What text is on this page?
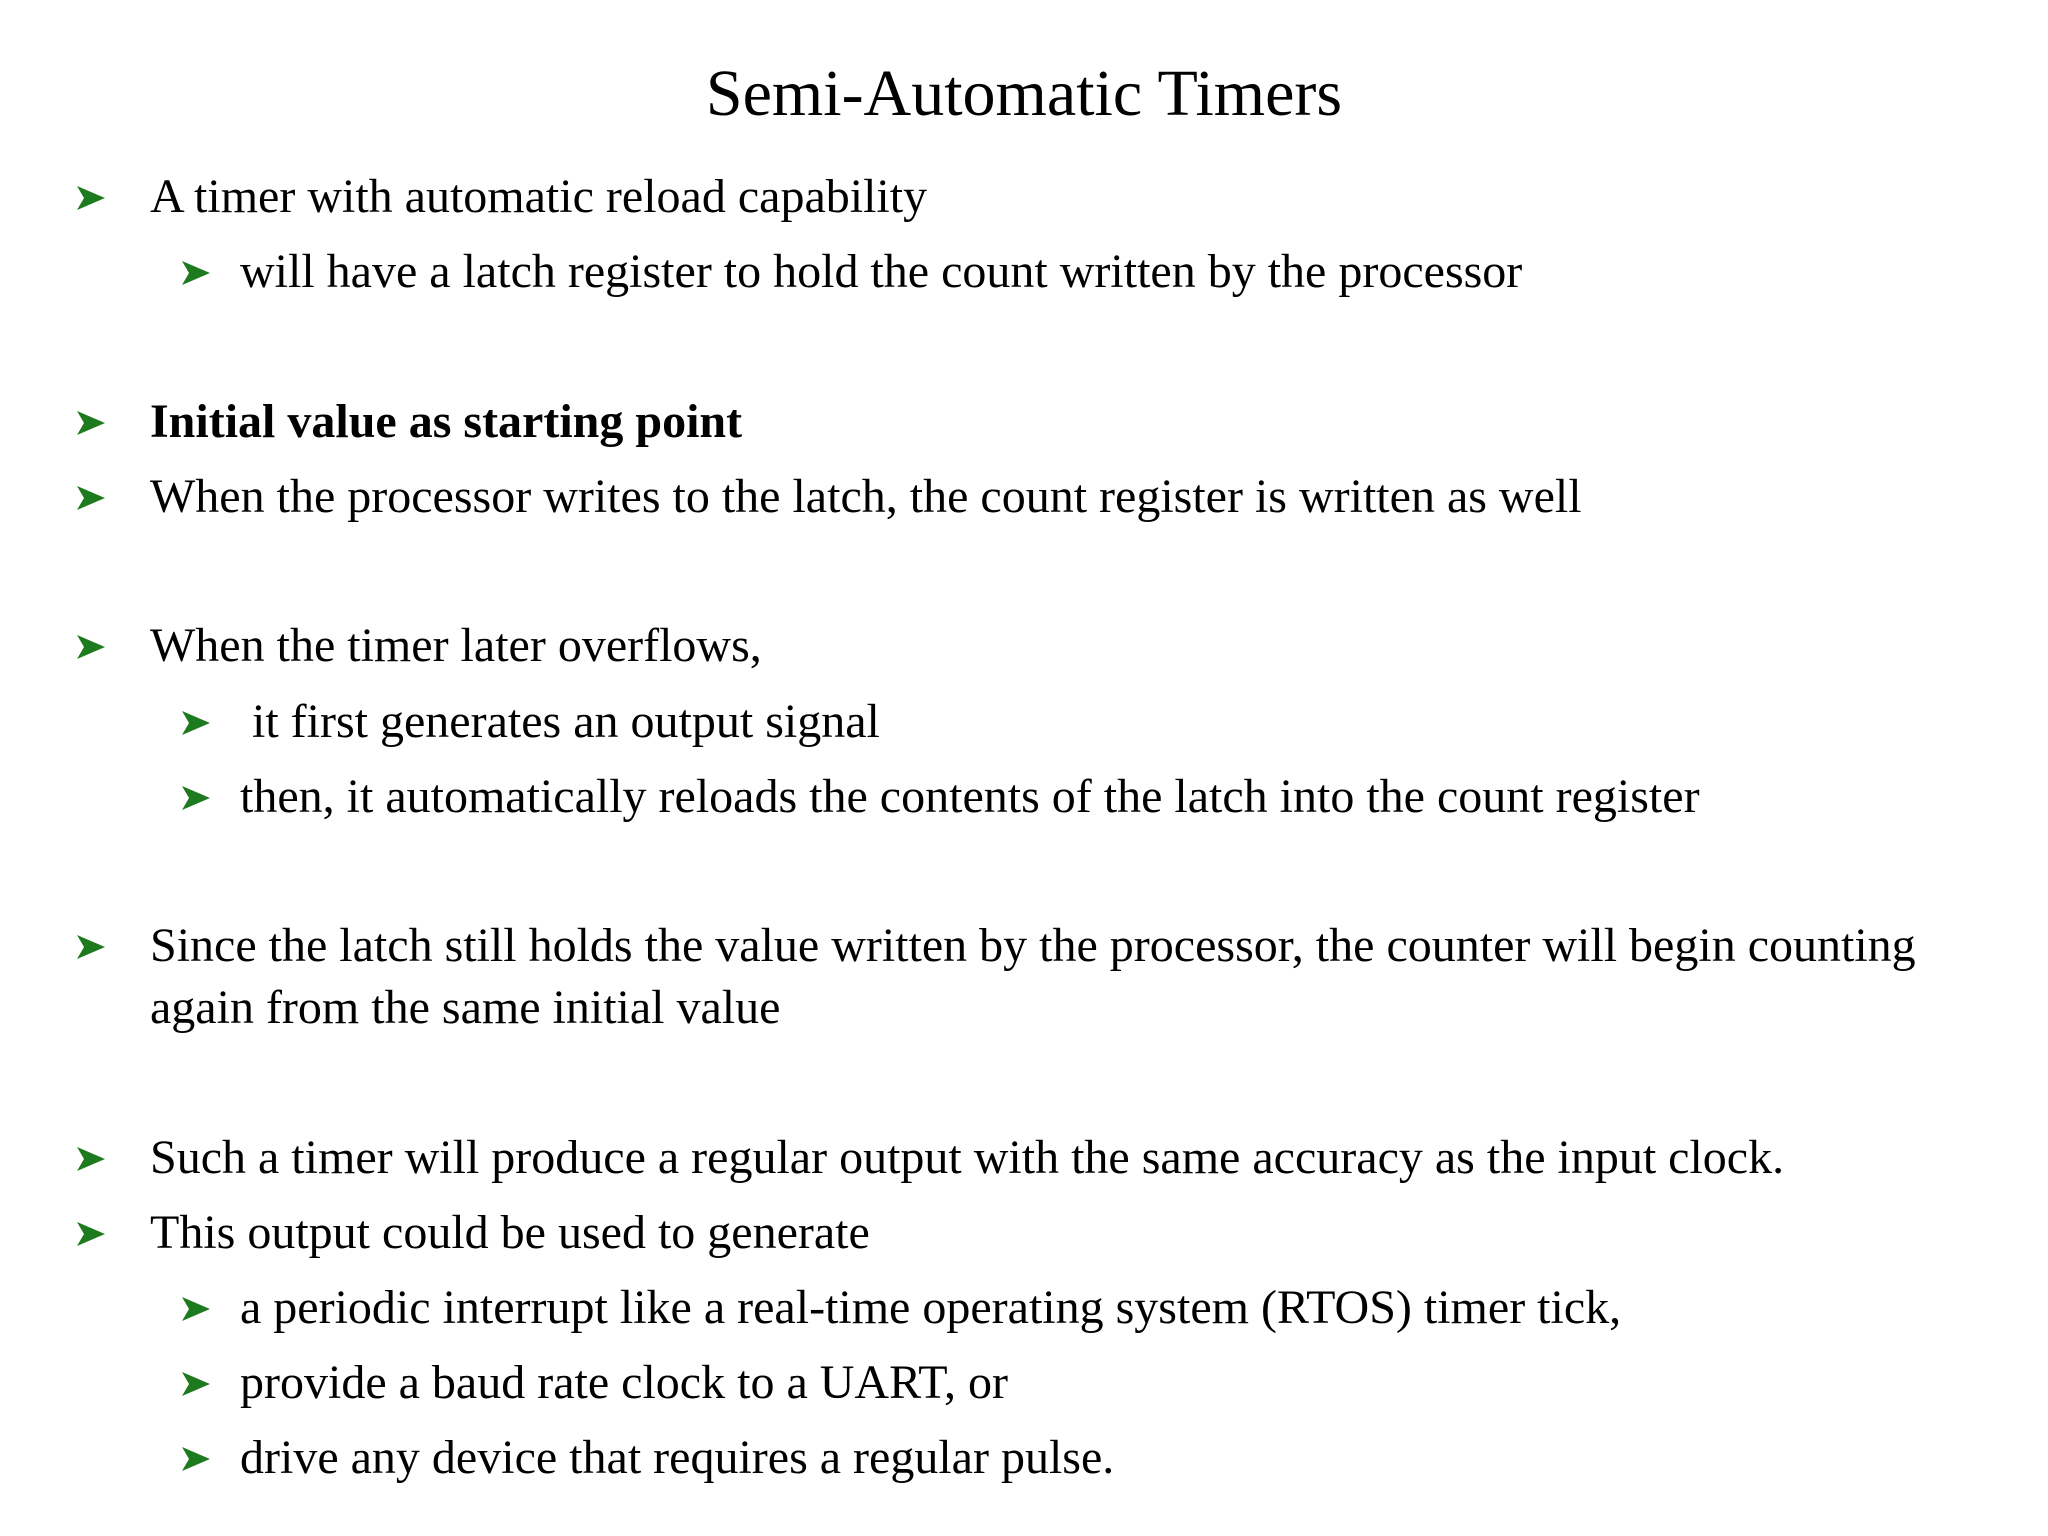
Semi-Automatic Timers
A timer with automatic reload capability
will have a latch register to hold the count written by the processor
Initial value as starting point
When the processor writes to the latch, the count register is written as well
When the timer later overflows,
it first generates an output signal
then, it automatically reloads the contents of the latch into the count register
Since the latch still holds the value written by the processor, the counter will begin counting again from the same initial value
Such a timer will produce a regular output with the same accuracy as the input clock.
This output could be used to generate
a periodic interrupt like a real-time operating system (RTOS) timer tick,
provide a baud rate clock to a UART, or
drive any device that requires a regular pulse.
